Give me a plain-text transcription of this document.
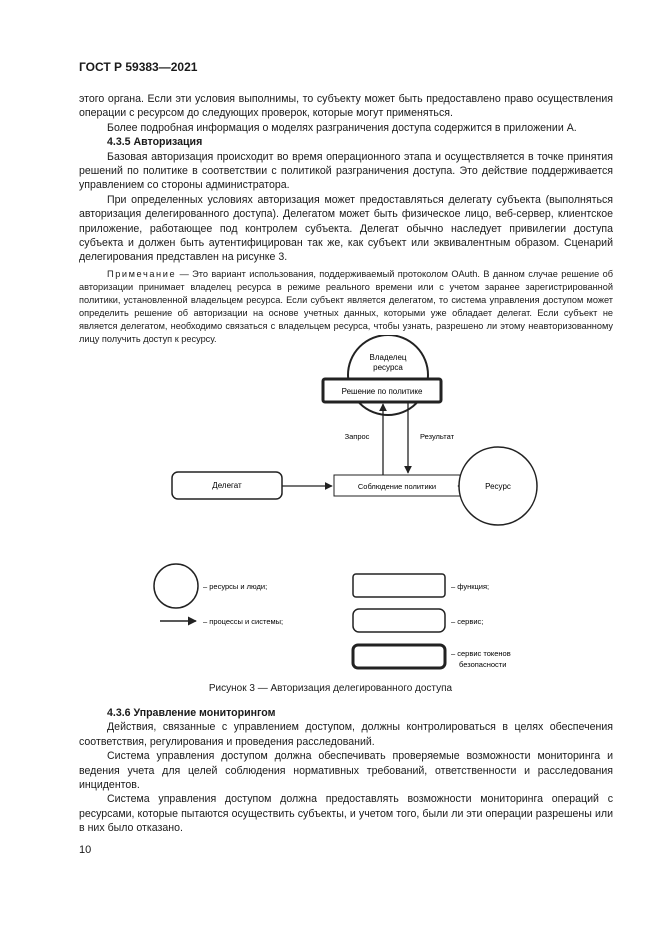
ГОСТ Р 59383—2021

этого органа. Если эти условия выполнимы, то субъекту может быть предоставлено право осуществления операции с ресурсом до следующих проверок, которые могут применяться.

Более подробная информация о моделях разграничения доступа содержится в приложении А.

4.3.5 Авторизация

Базовая авторизация происходит во время операционного этапа и осуществляется в точке принятия решений по политике в соответствии с политикой разграничения доступа. Это действие поддерживается управлением со стороны администратора.

При определенных условиях авторизация может предоставляться делегату субъекта (выполняться авторизация делегированного доступа). Делегатом может быть физическое лицо, веб-сервер, клиентское приложение, работающее под контролем субъекта. Делегат обычно наследует привилегии доступа субъекта и должен быть аутентифицирован так же, как субъект или эквивалентным образом. Сценарий делегирования представлен на рисунке 3.

Примечание — Это вариант использования, поддерживаемый протоколом OAuth. В данном случае решение об авторизации принимает владелец ресурса в режиме реального времени или с учетом заранее зарегистрированной политики, установленной владельцем ресурса. Если субъект является делегатом, то система управления доступом может определить решение об авторизации на основе учетных данных, которыми уже обладает делегат. Если субъект не является делегатом, необходимо связаться с владельцем ресурса, чтобы узнать, разрешено ли этому неавторизованному лицу получить доступ к ресурсу.

Владелец
ресурса
Решение по политике
Запрос	Результат
Делегат	Соблюдение политики	Ресурс
– ресурсы и люди;
– процессы и системы;
– функция;
– сервис;
– сервис токенов
безопасности
Рисунок 3 — Авторизация делегированного доступа

4.3.6 Управление мониторингом

Действия, связанные с управлением доступом, должны контролироваться в целях обеспечения соответствия, регулирования и проведения расследований.

Система управления доступом должна обеспечивать проверяемые возможности мониторинга и ведения учета для целей соблюдения нормативных требований, ответственности и расследования инцидентов.

Система управления доступом должна предоставлять возможности мониторинга операций с ресурсами, которые пытаются осуществить субъекты, и учетом того, были ли эти операции разрешены или в них было отказано.

10
